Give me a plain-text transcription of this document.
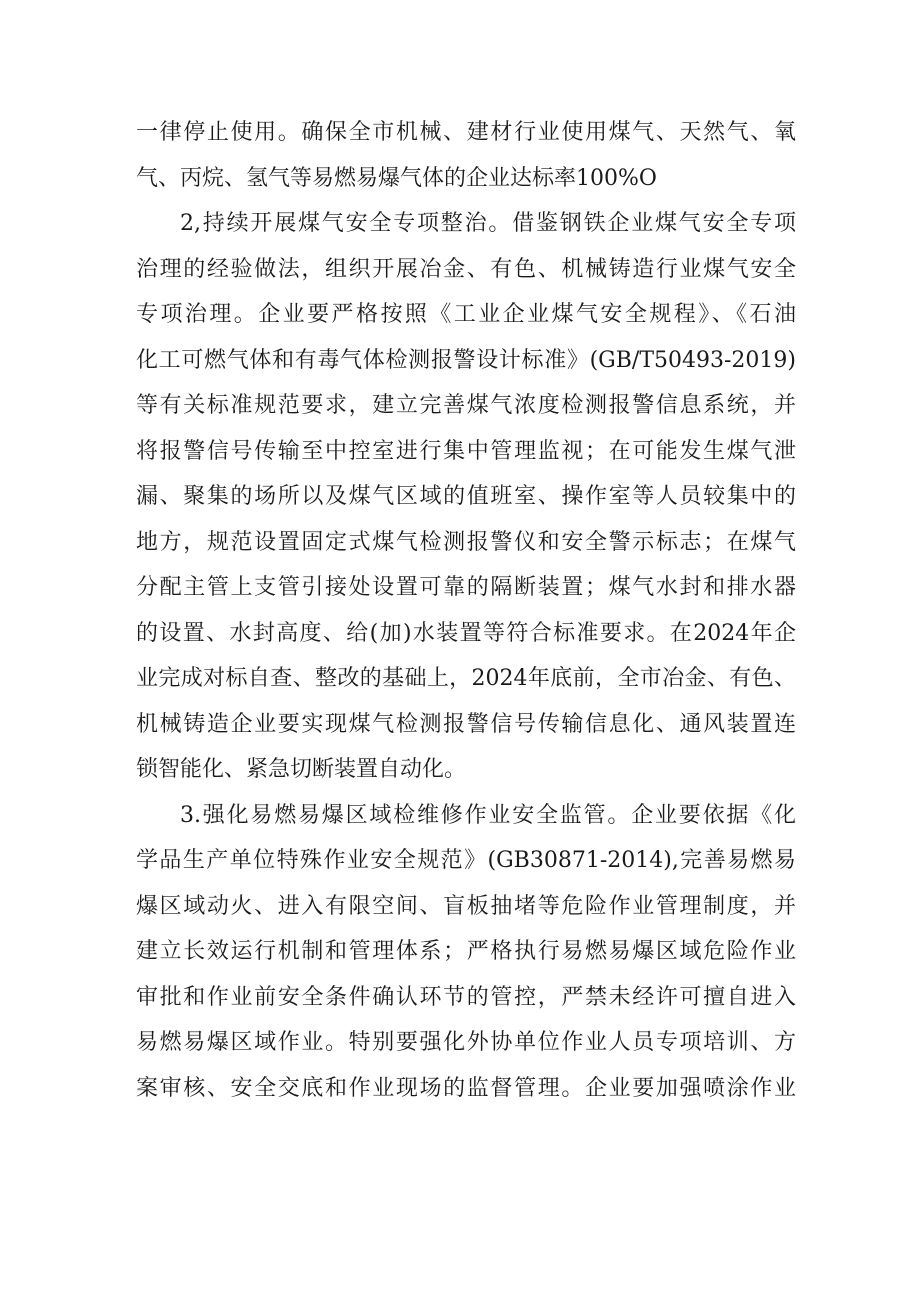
一律停止使用。确保全市机械、建材行业使用煤气、天然气、氧
气、丙烷、氢气等易燃易爆气体的企业达标率100%O
2,持续开展煤气安全专项整治。借鉴钢铁企业煤气安全专项
治理的经验做法，组织开展冶金、有色、机械铸造行业煤气安全
专项治理。企业要严格按照《工业企业煤气安全规程》、《石油
化工可燃气体和有毒气体检测报警设计标准》(GB/T50493-2019)
等有关标准规范要求，建立完善煤气浓度检测报警信息系统，并
将报警信号传输至中控室进行集中管理监视；在可能发生煤气泄
漏、聚集的场所以及煤气区域的值班室、操作室等人员较集中的
地方，规范设置固定式煤气检测报警仪和安全警示标志；在煤气
分配主管上支管引接处设置可靠的隔断装置；煤气水封和排水器
的设置、水封高度、给(加)水装置等符合标准要求。在2024年企
业完成对标自查、整改的基础上，2024年底前，全市冶金、有色、
机械铸造企业要实现煤气检测报警信号传输信息化、通风装置连
锁智能化、紧急切断装置自动化。
3.强化易燃易爆区域检维修作业安全监管。企业要依据《化
学品生产单位特殊作业安全规范》(GB30871-2014),完善易燃易
爆区域动火、进入有限空间、盲板抽堵等危险作业管理制度，并
建立长效运行机制和管理体系；严格执行易燃易爆区域危险作业
审批和作业前安全条件确认环节的管控，严禁未经许可擅自进入
易燃易爆区域作业。特别要强化外协单位作业人员专项培训、方
案审核、安全交底和作业现场的监督管理。企业要加强喷涂作业
